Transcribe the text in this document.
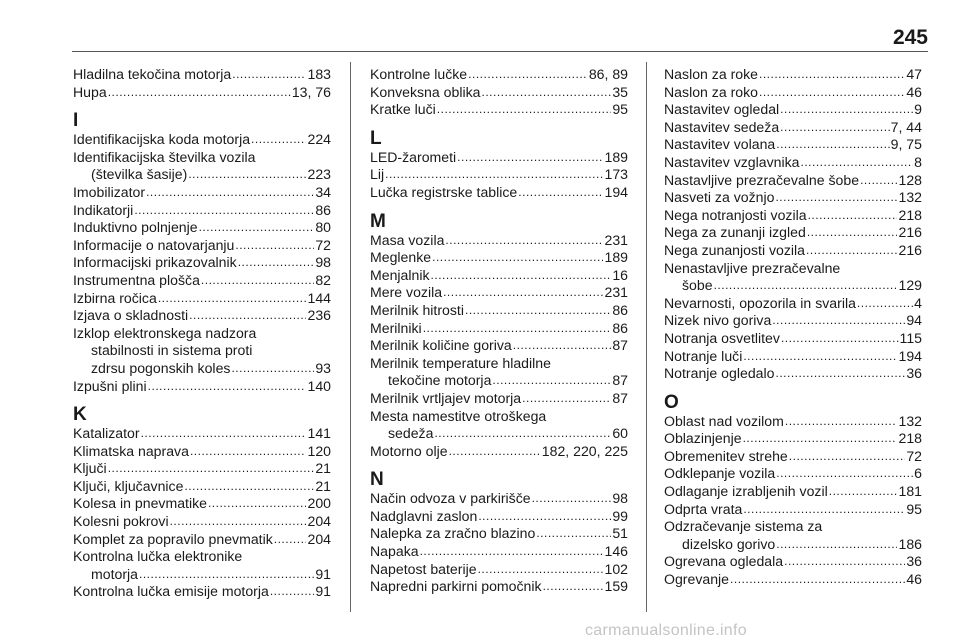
245
Hladilna tekočina motorja .....	183
Hupa .....	13, 76
I
Identifikacijska koda motorja .....	224
Identifikacijska številka vozila
(številka šasije) .....	223
Imobilizator .....	34
Indikatorji .....	86
Induktivno polnjenje .....	80
Informacije o natovarjanju .....	72
Informacijski prikazovalnik .....	98
Instrumentna plošča .....	82
Izbirna ročica .....	144
Izjava o skladnosti .....	236
Izklop elektronskega nadzora
stabilnosti in sistema proti
zdrsu pogonskih koles .....	93
Izpušni plini .....	140
K
Katalizator .....	141
Klimatska naprava .....	120
Ključi .....	21
Ključi, ključavnice .....	21
Kolesa in pnevmatike .....	200
Kolesni pokrovi .....	204
Komplet za popravilo pnevmatik ..... 204
Kontrolna lučka elektronike
motorja .....	91
Kontrolna lučka emisije motorja .....	91
Kontrolne lučke .....	86, 89
Konveksna oblika .....	35
Kratke luči .....	95
L
LED-žarometi .....	189
Lij .....	173
Lučka registrske tablice .....	194
M
Masa vozila .....	231
Meglenke .....	189
Menjalnik .....	16
Mere vozila .....	231
Merilnik hitrosti .....	86
Merilniki .....	86
Merilnik količine goriva .....	87
Merilnik temperature hladilne
tekočine motorja .....	87
Merilnik vrtljajev motorja .....	87
Mesta namestitve otroškega
sedeža .....	60
Motorno olje .....	182, 220, 225
N
Način odvoza v parkirišče .....	98
Nadglavni zaslon .....	99
Nalepka za zračno blazino .....	51
Napaka .....	146
Napetost baterije .....	102
Napredni parkirni pomočnik .....	159
Naslon za roke .....	47
Naslon za roko .....	46
Nastavitev ogledal .....	9
Nastavitev sedeža .....	7, 44
Nastavitev volana .....	9, 75
Nastavitev vzglavnika .....	8
Nastavljive prezračevalne šobe .....	128
Nasveti za vožnjo .....	132
Nega notranjosti vozila .....	218
Nega za zunanji izgled .....	216
Nega zunanjosti vozila .....	216
Nenastavljive prezračevalne
šobe .....	129
Nevarnosti, opozorila in svarila .....	4
Nizek nivo goriva .....	94
Notranja osvetlitev .....	115
Notranje luči .....	194
Notranje ogledalo .....	36
O
Oblast nad vozilom .....	132
Oblazinjenje .....	218
Obremenitev strehe .....	72
Odklepanje vozila .....	6
Odlaganje izrabljenih vozil .....	181
Odprta vrata .....	95
Odzračevanje sistema za
dizelsko gorivo .....	186
Ogrevana ogledala .....	36
Ogrevanje .....	46
carmanualsonline.info
